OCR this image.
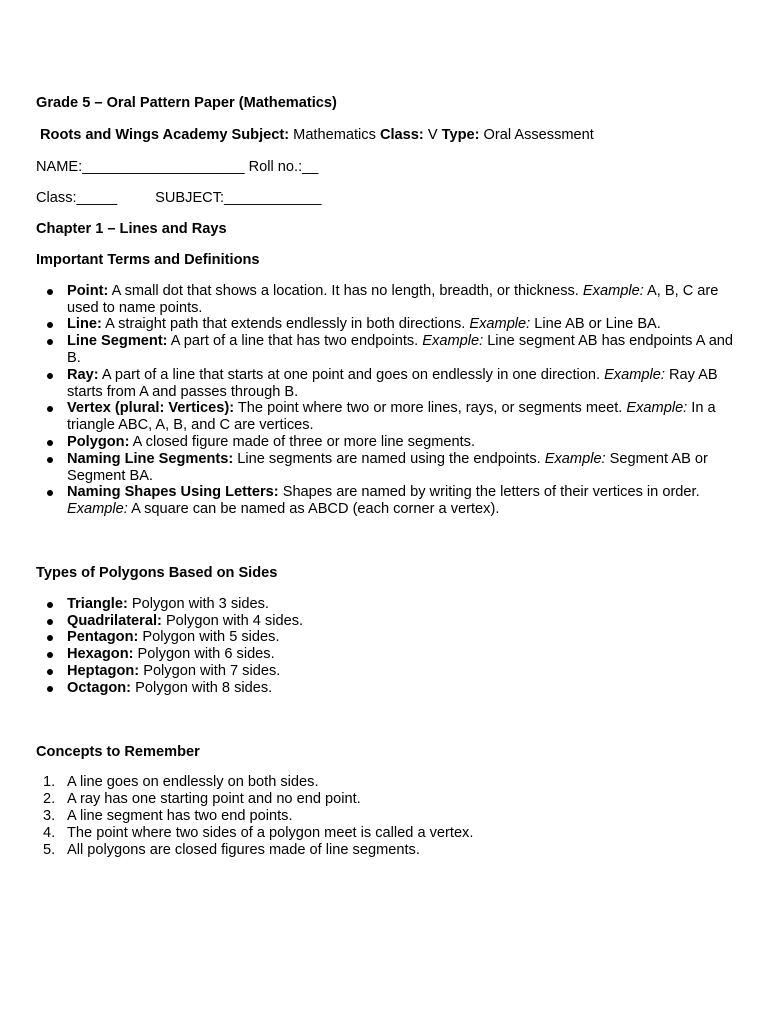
Grade 5 – Oral Pattern Paper (Mathematics)

Roots and Wings Academy Subject: Mathematics Class: V Type: Oral Assessment

NAME:____________________ Roll no.:__

Class:_____	SUBJECT:____________

Chapter 1 – Lines and Rays

Important Terms and Definitions

Point: A small dot that shows a location. It has no length, breadth, or thickness. Example: A, B, C are used to name points.
Line: A straight path that extends endlessly in both directions. Example: Line AB or Line BA.
Line Segment: A part of a line that has two endpoints. Example: Line segment AB has endpoints A and B.
Ray: A part of a line that starts at one point and goes on endlessly in one direction. Example: Ray AB starts from A and passes through B.
Vertex (plural: Vertices): The point where two or more lines, rays, or segments meet. Example: In a triangle ABC, A, B, and C are vertices.
Polygon: A closed figure made of three or more line segments.
Naming Line Segments: Line segments are named using the endpoints. Example: Segment AB or Segment BA.
Naming Shapes Using Letters: Shapes are named by writing the letters of their vertices in order. Example: A square can be named as ABCD (each corner a vertex).

Types of Polygons Based on Sides

Triangle: Polygon with 3 sides.
Quadrilateral: Polygon with 4 sides.
Pentagon: Polygon with 5 sides.
Hexagon: Polygon with 6 sides.
Heptagon: Polygon with 7 sides.
Octagon: Polygon with 8 sides.

Concepts to Remember

1. A line goes on endlessly on both sides.
2. A ray has one starting point and no end point.
3. A line segment has two end points.
4. The point where two sides of a polygon meet is called a vertex.
5. All polygons are closed figures made of line segments.
